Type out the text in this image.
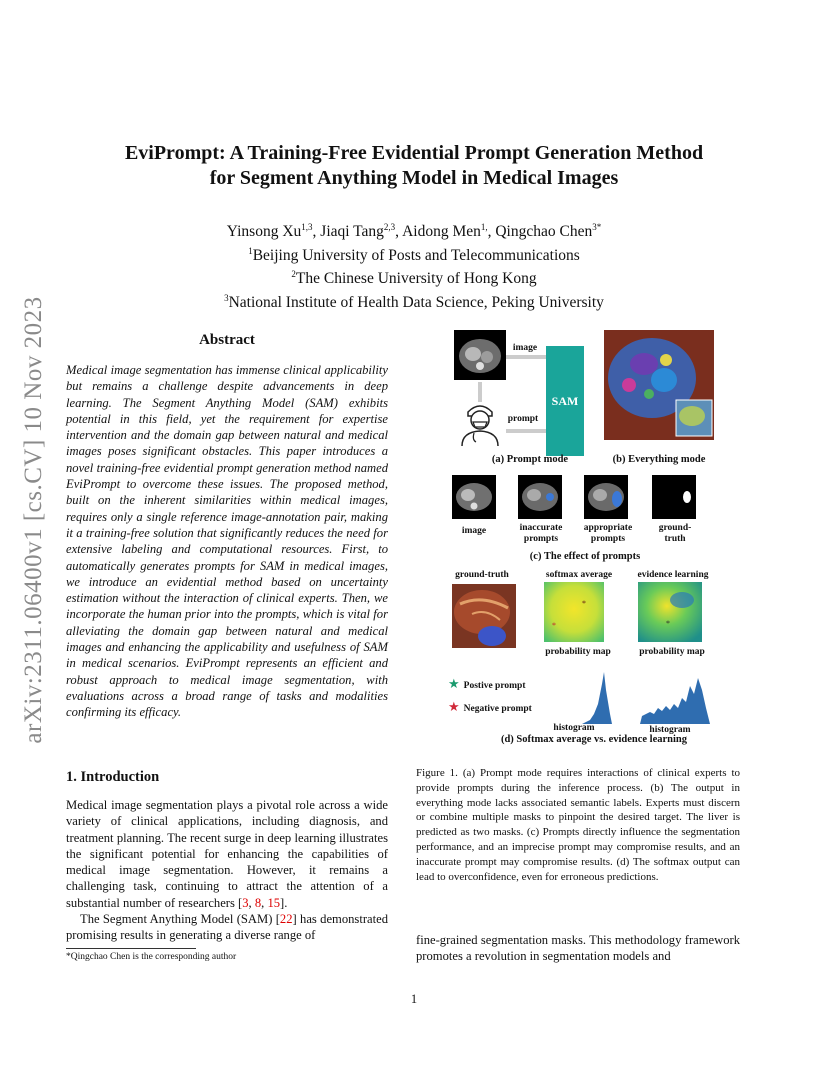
arXiv:2311.06400v1 [cs.CV] 10 Nov 2023
EviPrompt: A Training-Free Evidential Prompt Generation Method
for Segment Anything Model in Medical Images
Yinsong Xu$^{1,3}$, Jiaqi Tang$^{2,3}$, Aidong Men$^{1,}$, Qingchao Chen$^{3*}$
$^1$Beijing University of Posts and Telecommunications
$^2$The Chinese University of Hong Kong
$^3$National Institute of Health Data Science, Peking University
Abstract
Medical image segmentation has immense clinical applicability but remains a challenge despite advancements in deep learning. The Segment Anything Model (SAM) exhibits potential in this field, yet the requirement for expertise intervention and the domain gap between natural and medical images poses significant obstacles. This paper introduces a novel training-free evidential prompt generation method named EviPrompt to overcome these issues. The proposed method, built on the inherent similarities within medical images, requires only a single reference image-annotation pair, making it a training-free solution that significantly reduces the need for extensive labeling and computational resources. First, to automatically generates prompts for SAM in medical images, we introduce an evidential method based on uncertainty estimation without the interaction of clinical experts. Then, we incorporate the human prior into the prompts, which is vital for alleviating the domain gap between natural and medical images and enhancing the applicability and usefulness of SAM in medical scenarios. EviPrompt represents an efficient and robust approach to medical image segmentation, with evaluations across a broad range of tasks and modalities confirming its efficacy.
1. Introduction

Medical image segmentation plays a pivotal role across a wide variety of clinical applications, including diagnosis, and treatment planning. The recent surge in deep learning illustrates the significant potential for enhancing the capabilities of medical image segmentation. However, it remains a challenging task, continuing to attract the attention of a substantial number of researchers [3, 8, 15].

The Segment Anything Model (SAM) [22] has demonstrated promising results in generating a diverse range of

*Qingchao Chen is the corresponding author
image
prompt
SAM
(a) Prompt mode	(b) Everything mode
image	inaccurate prompts
appropriate prompts
ground-truth
(c) The effect of prompts
ground-truth	softmax average	evidence learning
*
*	*
probability map	probability map
★ Postive prompt
★ Negative prompt
histogram	histogram
(d) Softmax average vs. evidence learning
Figure 1. (a) Prompt mode requires interactions of clinical experts to provide prompts during the inference process. (b) The output in everything mode lacks associated semantic labels. Experts must discern or combine multiple masks to pinpoint the desired target. The liver is predicted as two masks. (c) Prompts directly influence the segmentation performance, and an imprecise prompt may compromise results, and an inaccurate prompt may compromise results. (d) The softmax output can lead to overconfidence, even for erroneous predictions.
fine-grained segmentation masks. This methodology framework promotes a revolution in segmentation models and
1
